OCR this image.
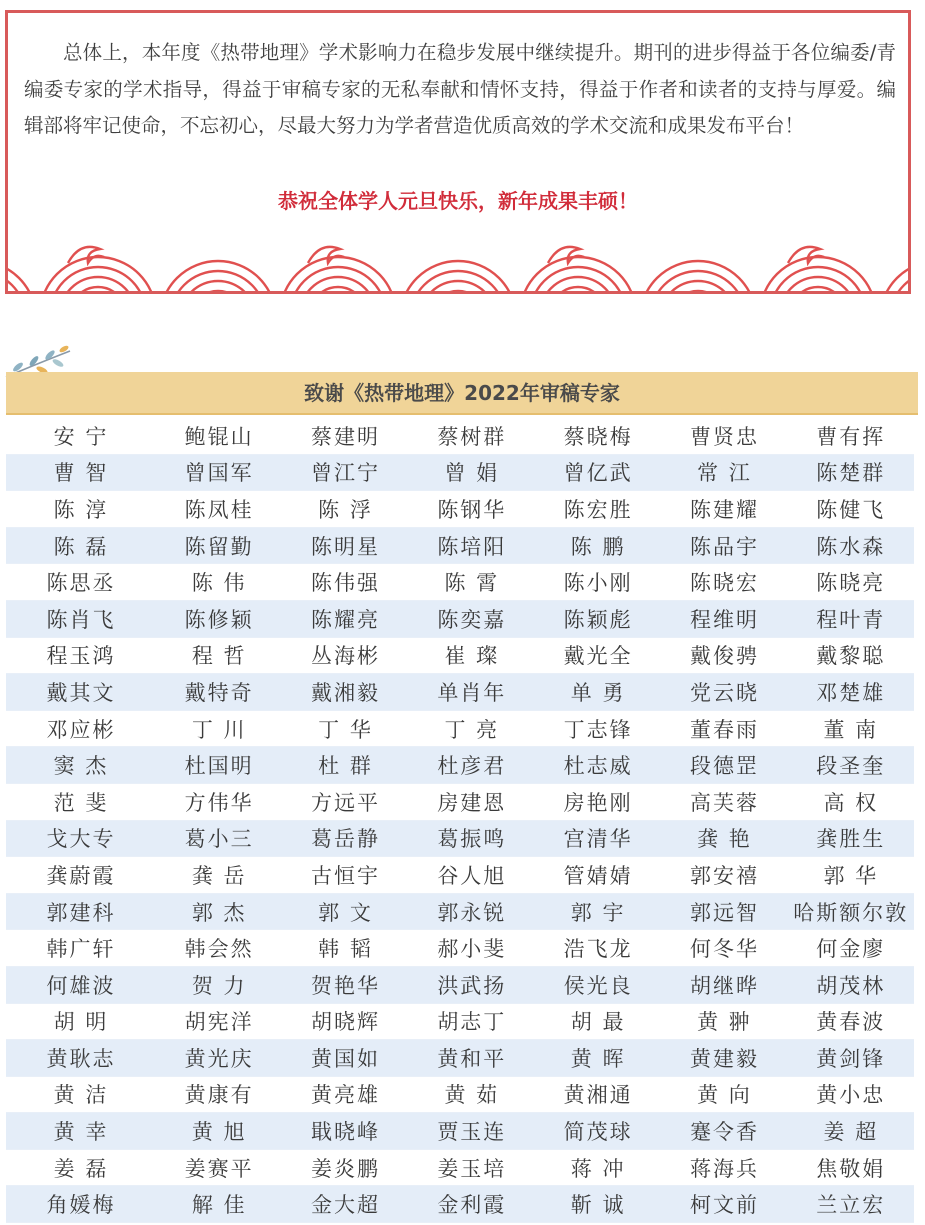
总体上，本年度《热带地理》学术影响力在稳步发展中继续提升。期刊的进步得益于各位编委/青编委专家的学术指导，得益于审稿专家的无私奉献和情怀支持，得益于作者和读者的支持与厚爱。编辑部将牢记使命，不忘初心，尽最大努力为学者营造优质高效的学术交流和成果发布平台！

恭祝全体学人元旦快乐，新年成果丰硕！

致谢《热带地理》2022年审稿专家
安 宁	鲍锟山	蔡建明	蔡树群	蔡晓梅	曹贤忠	曹有挥
曹 智	曾国军	曾江宁	曾 娟	曾亿武	常 江	陈楚群
陈 淳	陈凤桂	陈 浮	陈钢华	陈宏胜	陈建耀	陈健飞
陈 磊	陈留勤	陈明星	陈培阳	陈 鹏	陈品宇	陈水森
陈思丞	陈 伟	陈伟强	陈 霄	陈小刚	陈晓宏	陈晓亮
陈肖飞	陈修颖	陈耀亮	陈奕嘉	陈颖彪	程维明	程叶青
程玉鸿	程 哲	丛海彬	崔 璨	戴光全	戴俊骋	戴黎聪
戴其文	戴特奇	戴湘毅	单肖年	单 勇	党云晓	邓楚雄
邓应彬	丁 川	丁 华	丁 亮	丁志锋	董春雨	董 南
窦 杰	杜国明	杜 群	杜彦君	杜志威	段德罡	段圣奎
范 斐	方伟华	方远平	房建恩	房艳刚	高芙蓉	高 权
戈大专	葛小三	葛岳静	葛振鸣	宫清华	龚 艳	龚胜生
龚蔚霞	龚 岳	古恒宇	谷人旭	管婧婧	郭安禧	郭 华
郭建科	郭 杰	郭 文	郭永锐	郭 宇	郭远智	哈斯额尔敦
韩广轩	韩会然	韩 韬	郝小斐	浩飞龙	何冬华	何金廖
何雄波	贺 力	贺艳华	洪武扬	侯光良	胡继晔	胡茂林
胡 明	胡宪洋	胡晓辉	胡志丁	胡 最	黄 翀	黄春波
黄耿志	黄光庆	黄国如	黄和平	黄 晖	黄建毅	黄剑锋
黄 洁	黄康有	黄亮雄	黄 茹	黄湘通	黄 向	黄小忠
黄 幸	黄 旭	戢晓峰	贾玉连	简茂球	蹇令香	姜 超
姜 磊	姜赛平	姜炎鹏	姜玉培	蒋 冲	蒋海兵	焦敬娟
角媛梅	解 佳	金大超	金利霞	靳 诚	柯文前	兰立宏
